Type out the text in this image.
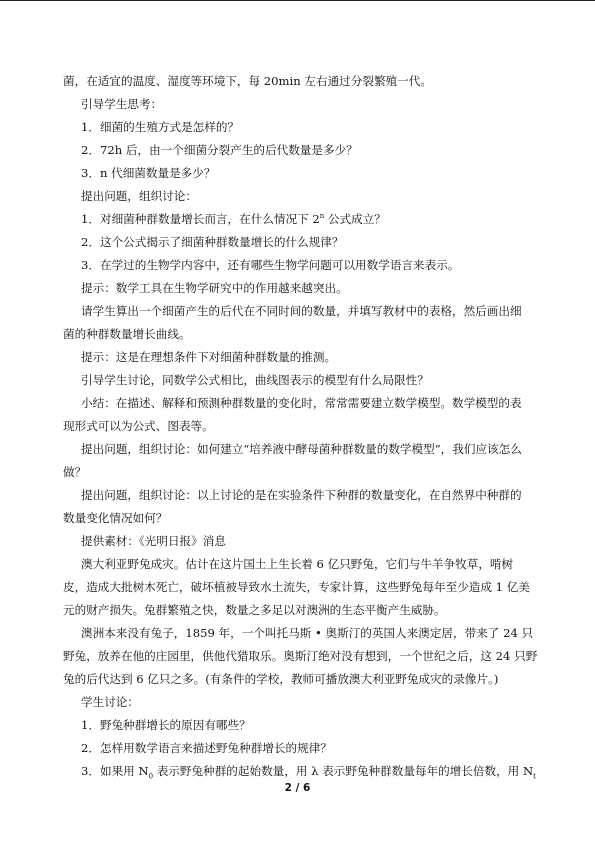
菌，在适宜的温度、湿度等环境下，每 20min 左右通过分裂繁殖一代。
引导学生思考：
1．细菌的生殖方式是怎样的？
2．72h 后，由一个细菌分裂产生的后代数量是多少？
3．n 代细菌数量是多少？
提出问题，组织讨论：
1．对细菌种群数量增长而言，在什么情况下 2$^n$ 公式成立？
2．这个公式揭示了细菌种群数量增长的什么规律？
3．在学过的生物学内容中，还有哪些生物学问题可以用数学语言来表示。
提示：数学工具在生物学研究中的作用越来越突出。
请学生算出一个细菌产生的后代在不同时间的数量，并填写教材中的表格，然后画出细
菌的种群数量增长曲线。
提示：这是在理想条件下对细菌种群数量的推测。
引导学生讨论，同数学公式相比，曲线图表示的模型有什么局限性？
小结：在描述、解释和预测种群数量的变化时，常常需要建立数学模型。数学模型的表
现形式可以为公式、图表等。
提出问题，组织讨论：如何建立“培养液中酵母菌种群数量的数学模型”，我们应该怎么
做？
提出问题，组织讨论：以上讨论的是在实验条件下种群的数量变化，在自然界中种群的
数量变化情况如何？
提供素材：《光明日报》消息
澳大利亚野兔成灾。估计在这片国土上生长着 6 亿只野兔，它们与牛羊争牧草，啃树
皮，造成大批树木死亡，破坏植被导致水土流失，专家计算，这些野兔每年至少造成 1 亿美
元的财产损失。兔群繁殖之快，数量之多足以对澳洲的生态平衡产生威胁。
澳洲本来没有兔子，1859 年，一个叫托马斯 • 奥斯汀的英国人来澳定居，带来了 24 只
野兔，放养在他的庄园里，供他代猎取乐。奥斯汀绝对没有想到，一个世纪之后，这 24 只野
兔的后代达到 6 亿只之多。(有条件的学校，教师可播放澳大利亚野兔成灾的录像片。)
学生讨论：
1．野兔种群增长的原因有哪些？
2．怎样用数学语言来描述野兔种群增长的规律？
3．如果用 $N_0$ 表示野兔种群的起始数量，用 λ 表示野兔种群数量每年的增长倍数，用 $N_t$
2 / 6
